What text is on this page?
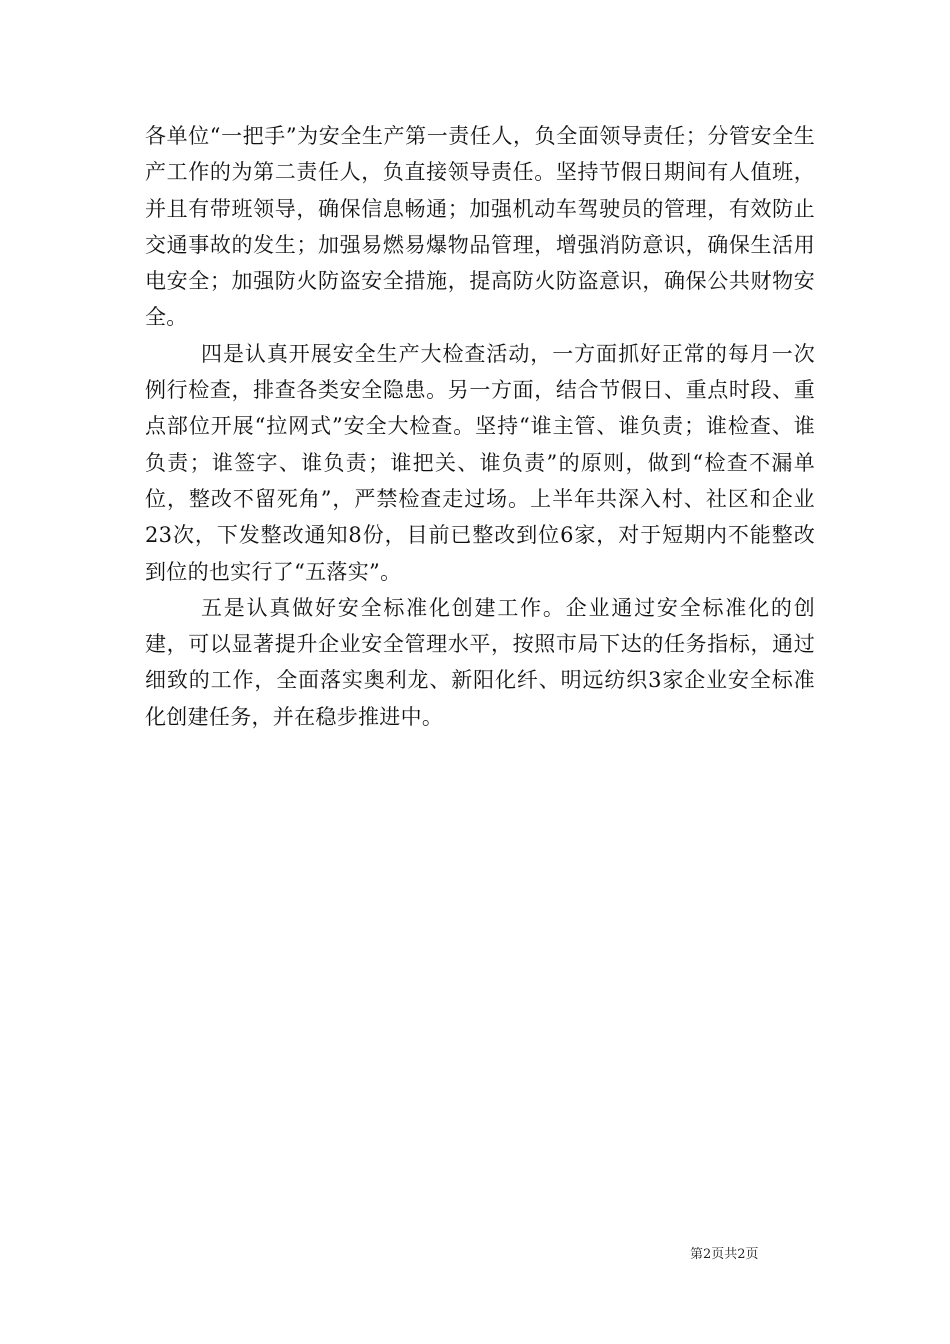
各单位“一把手”为安全生产第一责任人，负全面领导责任；分管安全生产工作的为第二责任人，负直接领导责任。坚持节假日期间有人值班，并且有带班领导，确保信息畅通；加强机动车驾驶员的管理，有效防止交通事故的发生；加强易燃易爆物品管理，增强消防意识，确保生活用电安全；加强防火防盗安全措施，提高防火防盗意识，确保公共财物安全。

四是认真开展安全生产大检查活动，一方面抓好正常的每月一次例行检查，排查各类安全隐患。另一方面，结合节假日、重点时段、重点部位开展“拉网式”安全大检查。坚持“谁主管、谁负责；谁检查、谁负责；谁签字、谁负责；谁把关、谁负责”的原则，做到“检查不漏单位，整改不留死角”，严禁检查走过场。上半年共深入村、社区和企业23次，下发整改通知8份，目前已整改到位6家，对于短期内不能整改到位的也实行了“五落实”。

五是认真做好安全标准化创建工作。企业通过安全标准化的创建，可以显著提升企业安全管理水平，按照市局下达的任务指标，通过细致的工作，全面落实奥利龙、新阳化纤、明远纺织3家企业安全标准化创建任务，并在稳步推进中。

第2页共2页
